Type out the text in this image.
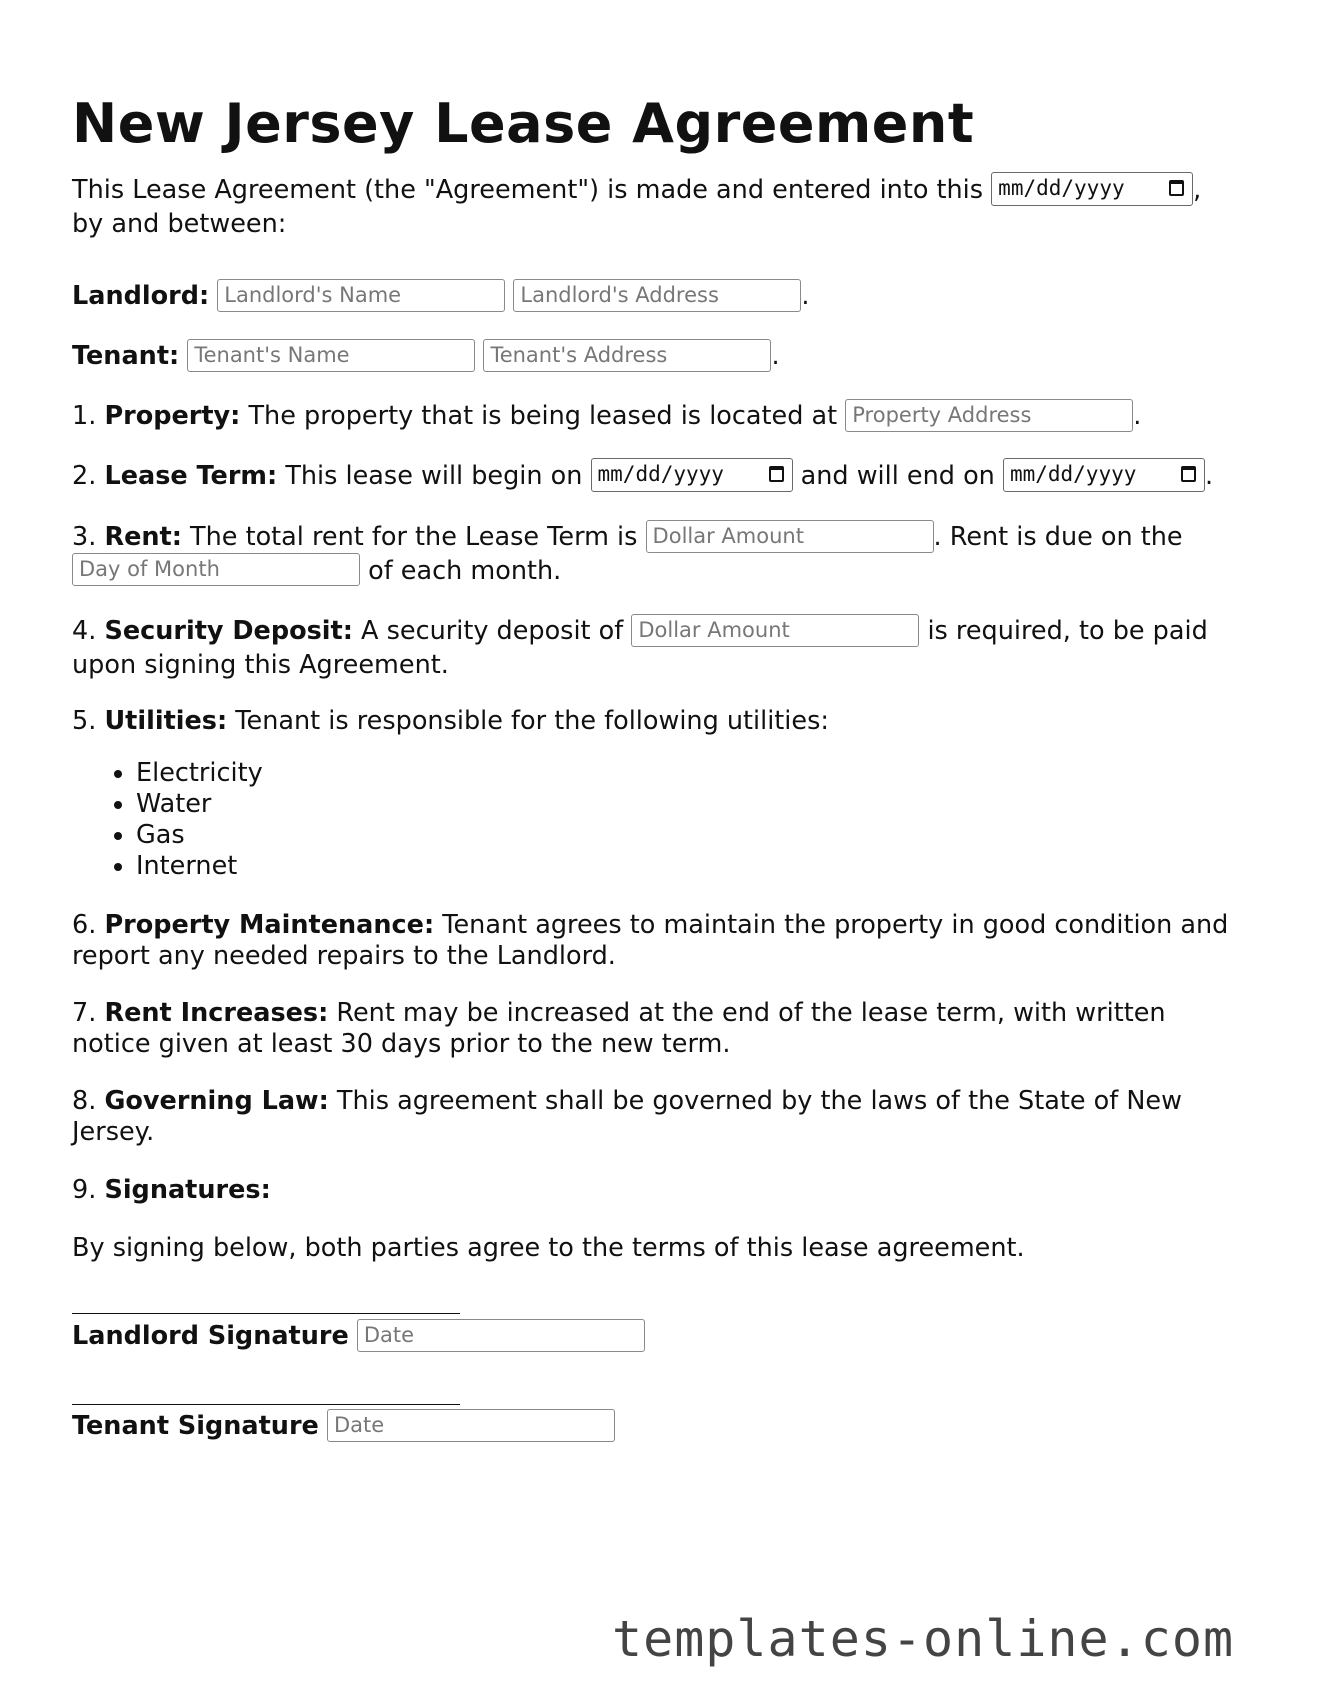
New Jersey Lease Agreement

This Lease Agreement (the "Agreement") is made and entered into this mm/dd/yyyy	,
by and between:

Landlord: Landlord's Name	Landlord's Address	.

Tenant: Tenant's Name	Tenant's Address	.

1. Property: The property that is being leased is located at Property Address	.

2. Lease Term: This lease will begin on mm/dd/yyyy	and will end on mm/dd/yyyy	.

3. Rent: The total rent for the Lease Term is Dollar Amount	. Rent is due on the
Day of Month	of each month.

4. Security Deposit: A security deposit of Dollar Amount	is required, to be paid
upon signing this Agreement.

5. Utilities: Tenant is responsible for the following utilities:

• Electricity
• Water
• Gas
• Internet

6. Property Maintenance: Tenant agrees to maintain the property in good condition and report any needed repairs to the Landlord.

7. Rent Increases: Rent may be increased at the end of the lease term, with written notice given at least 30 days prior to the new term.

8. Governing Law: This agreement shall be governed by the laws of the State of New Jersey.

9. Signatures:

By signing below, both parties agree to the terms of this lease agreement.

Landlord Signature Date
Tenant Signature Date
templates-online.com
